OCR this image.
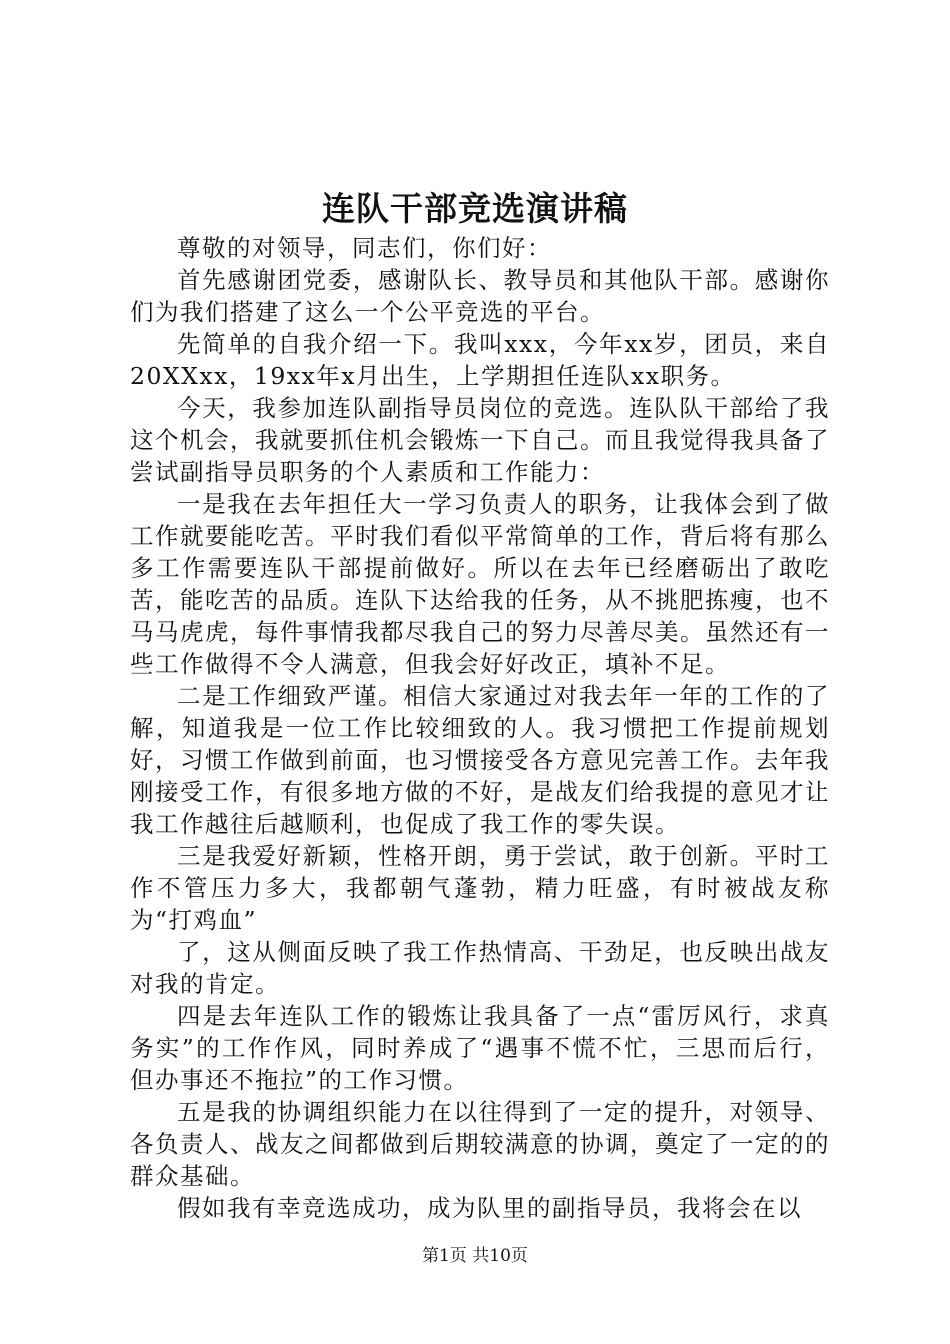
连队干部竞选演讲稿

尊敬的对领导，同志们，你们好：

首先感谢团党委，感谢队长、教导员和其他队干部。感谢你们为我们搭建了这么一个公平竞选的平台。

先简单的自我介绍一下。我叫xxx，今年xx岁，团员，来自20XXxx，19xx年x月出生，上学期担任连队xx职务。

今天，我参加连队副指导员岗位的竞选。连队队干部给了我这个机会，我就要抓住机会锻炼一下自己。而且我觉得我具备了尝试副指导员职务的个人素质和工作能力：

一是我在去年担任大一学习负责人的职务，让我体会到了做工作就要能吃苦。平时我们看似平常简单的工作，背后将有那么多工作需要连队干部提前做好。所以在去年已经磨砺出了敢吃苦，能吃苦的品质。连队下达给我的任务，从不挑肥拣瘦，也不马马虎虎，每件事情我都尽我自己的努力尽善尽美。虽然还有一些工作做得不令人满意，但我会好好改正，填补不足。

二是工作细致严谨。相信大家通过对我去年一年的工作的了解，知道我是一位工作比较细致的人。我习惯把工作提前规划好，习惯工作做到前面，也习惯接受各方意见完善工作。去年我刚接受工作，有很多地方做的不好，是战友们给我提的意见才让我工作越往后越顺利，也促成了我工作的零失误。

三是我爱好新颖，性格开朗，勇于尝试，敢于创新。平时工作不管压力多大，我都朝气蓬勃，精力旺盛，有时被战友称为“打鸡血”

了，这从侧面反映了我工作热情高、干劲足，也反映出战友对我的肯定。

四是去年连队工作的锻炼让我具备了一点“雷厉风行，求真务实”的工作作风，同时养成了“遇事不慌不忙，三思而后行，但办事还不拖拉”的工作习惯。

五是我的协调组织能力在以往得到了一定的提升，对领导、各负责人、战友之间都做到后期较满意的协调，奠定了一定的的群众基础。

假如我有幸竞选成功，成为队里的副指导员，我将会在以

第1页 共10页
